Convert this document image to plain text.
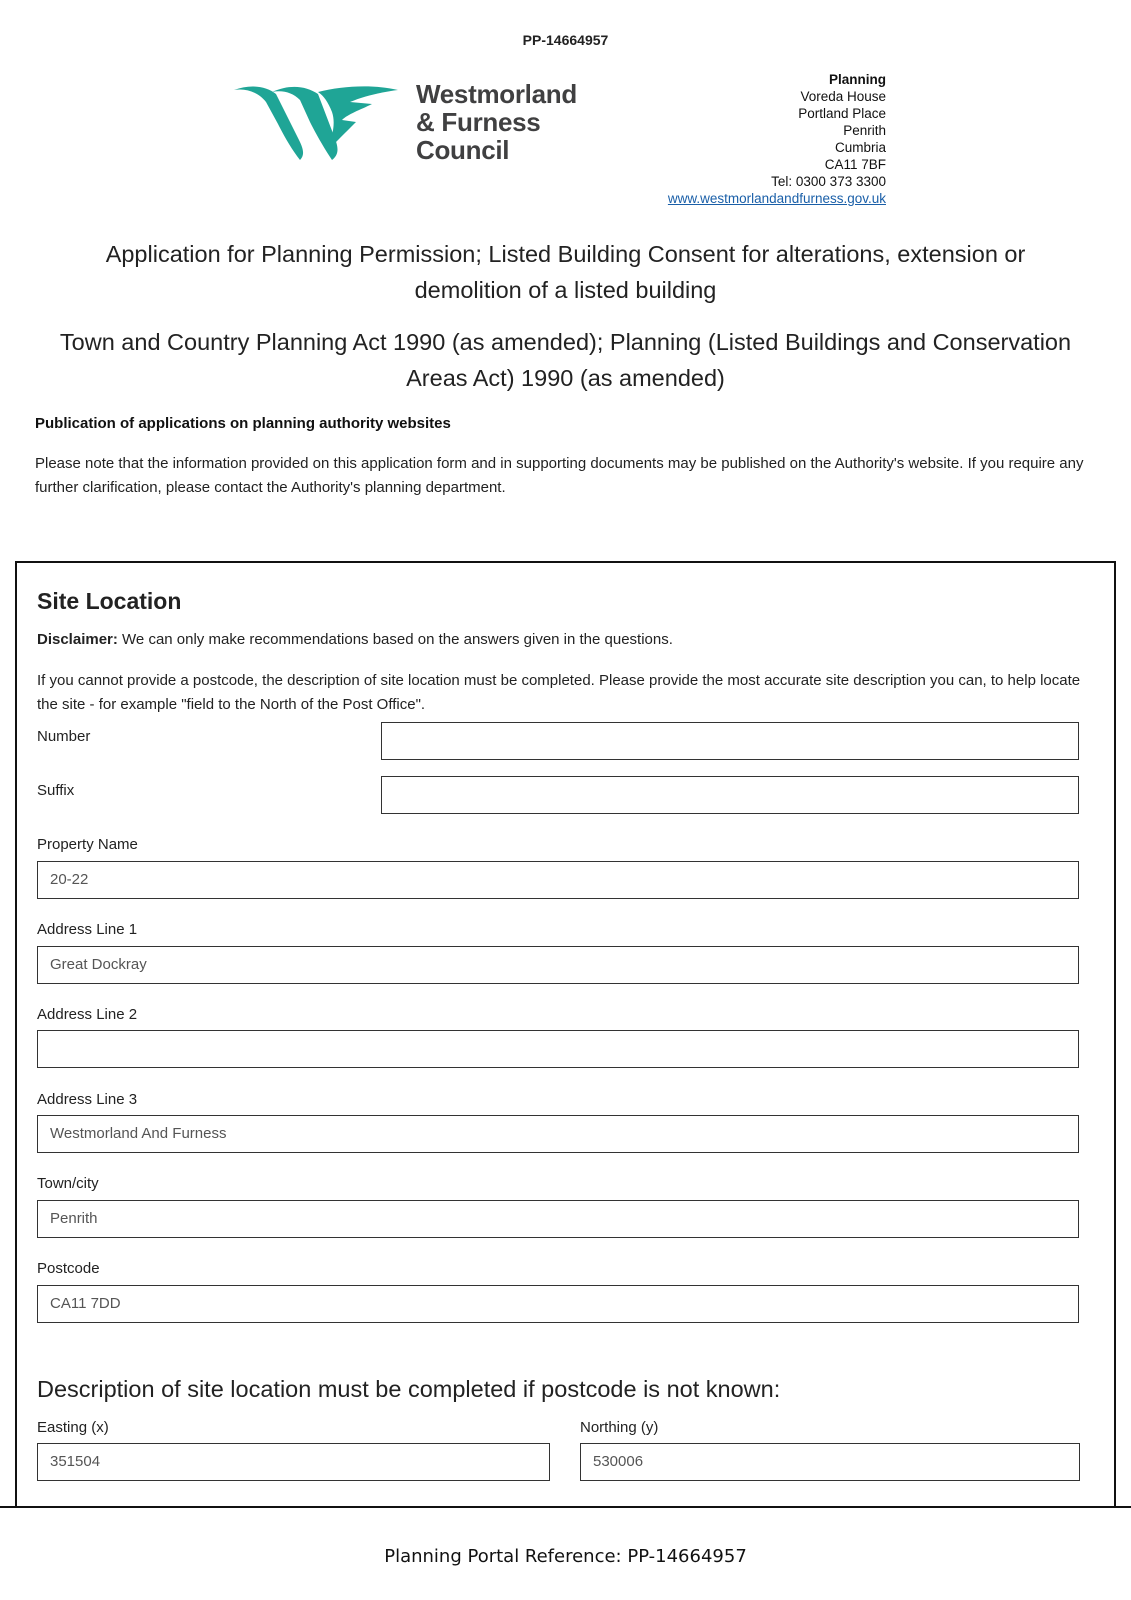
PP-14664957
Westmorland
& Furness
Council
Planning
Voreda House
Portland Place
Penrith
Cumbria
CA11 7BF
Tel: 0300 373 3300
www.westmorlandandfurness.gov.uk
Application for Planning Permission; Listed Building Consent for alterations, extension or demolition of a listed building
Town and Country Planning Act 1990 (as amended); Planning (Listed Buildings and Conservation Areas Act) 1990 (as amended)
Publication of applications on planning authority websites
Please note that the information provided on this application form and in supporting documents may be published on the Authority's website. If you require any further clarification, please contact the Authority's planning department.
Site Location
Disclaimer: We can only make recommendations based on the answers given in the questions.
If you cannot provide a postcode, the description of site location must be completed. Please provide the most accurate site description you can, to help locate the site - for example "field to the North of the Post Office".
Number
Suffix
Property Name
20-22
Address Line 1
Great Dockray
Address Line 2
Address Line 3
Westmorland And Furness
Town/city
Penrith
Postcode
CA11 7DD
Description of site location must be completed if postcode is not known:
Easting (x)
351504
Northing (y)
530006
Planning Portal Reference: PP-14664957
